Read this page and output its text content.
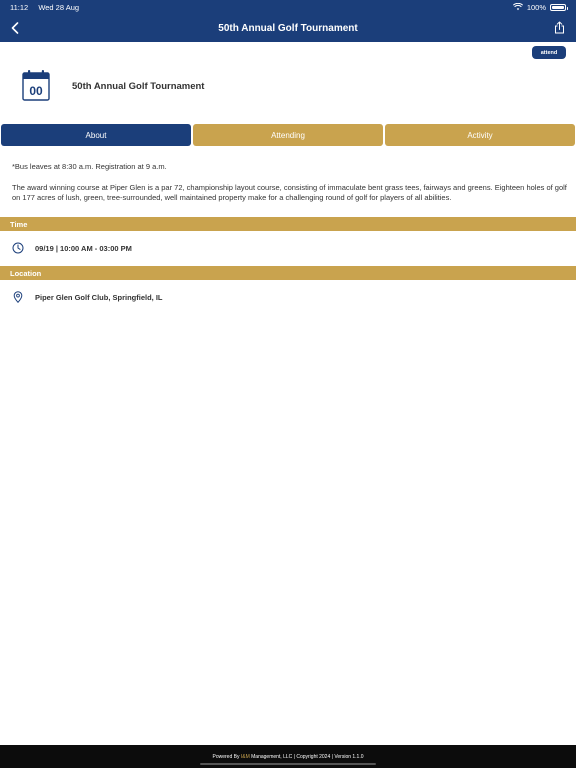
11:12 Wed 28 Aug	100%
50th Annual Golf Tournament
attend
00	50th Annual Golf Tournament
About	Attending	Activity

*Bus leaves at 8:30 a.m. Registration at 9 a.m.

The award winning course at Piper Glen is a par 72, championship layout course, consisting of immaculate bent grass tees, fairways and greens. Eighteen holes of golf on 177 acres of lush, green, tree-surrounded, well maintained property make for a challenging round of golf for players of all abilities.

Time
09/19 | 10:00 AM - 03:00 PM
Location
Piper Glen Golf Club, Springfield, IL
Powered By I&M Management, LLC | Copyright 2024 | Version 1.1.0
